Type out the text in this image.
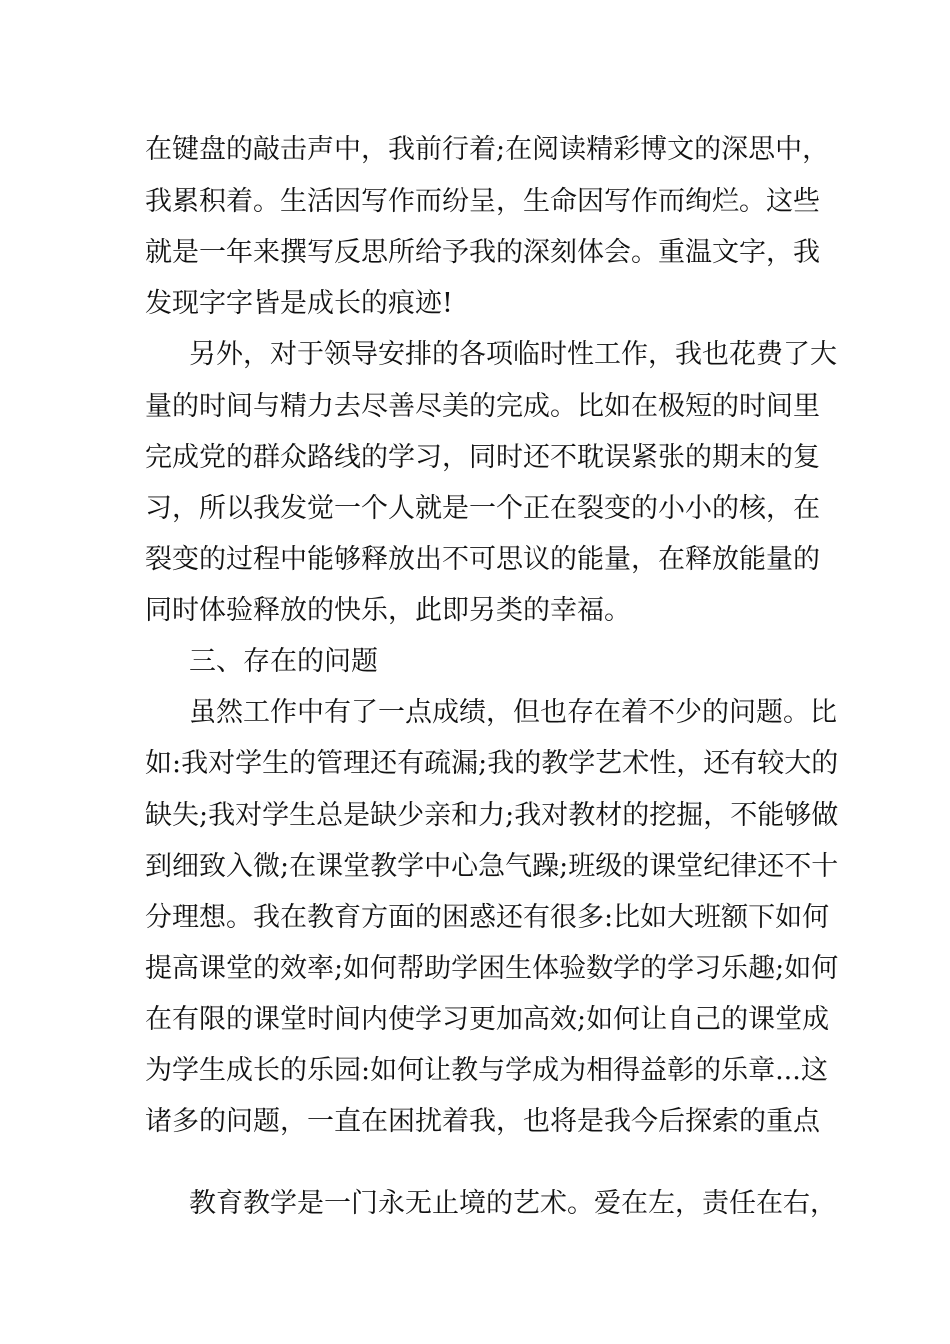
在键盘的敲击声中，我前行着;在阅读精彩博文的深思中，
我累积着。生活因写作而纷呈，生命因写作而绚烂。这些
就是一年来撰写反思所给予我的深刻体会。重温文字，我
发现字字皆是成长的痕迹!
另外，对于领导安排的各项临时性工作，我也花费了大
量的时间与精力去尽善尽美的完成。比如在极短的时间里
完成党的群众路线的学习，同时还不耽误紧张的期末的复
习，所以我发觉一个人就是一个正在裂变的小小的核，在
裂变的过程中能够释放出不可思议的能量，在释放能量的
同时体验释放的快乐，此即另类的幸福。
三、存在的问题
虽然工作中有了一点成绩，但也存在着不少的问题。比
如:我对学生的管理还有疏漏;我的教学艺术性，还有较大的
缺失;我对学生总是缺少亲和力;我对教材的挖掘，不能够做
到细致入微;在课堂教学中心急气躁;班级的课堂纪律还不十
分理想。我在教育方面的困惑还有很多:比如大班额下如何
提高课堂的效率;如何帮助学困生体验数学的学习乐趣;如何
在有限的课堂时间内使学习更加高效;如何让自己的课堂成
为学生成长的乐园:如何让教与学成为相得益彰的乐章...这
诸多的问题，一直在困扰着我，也将是我今后探索的重点
教育教学是一门永无止境的艺术。爱在左，责任在右，
